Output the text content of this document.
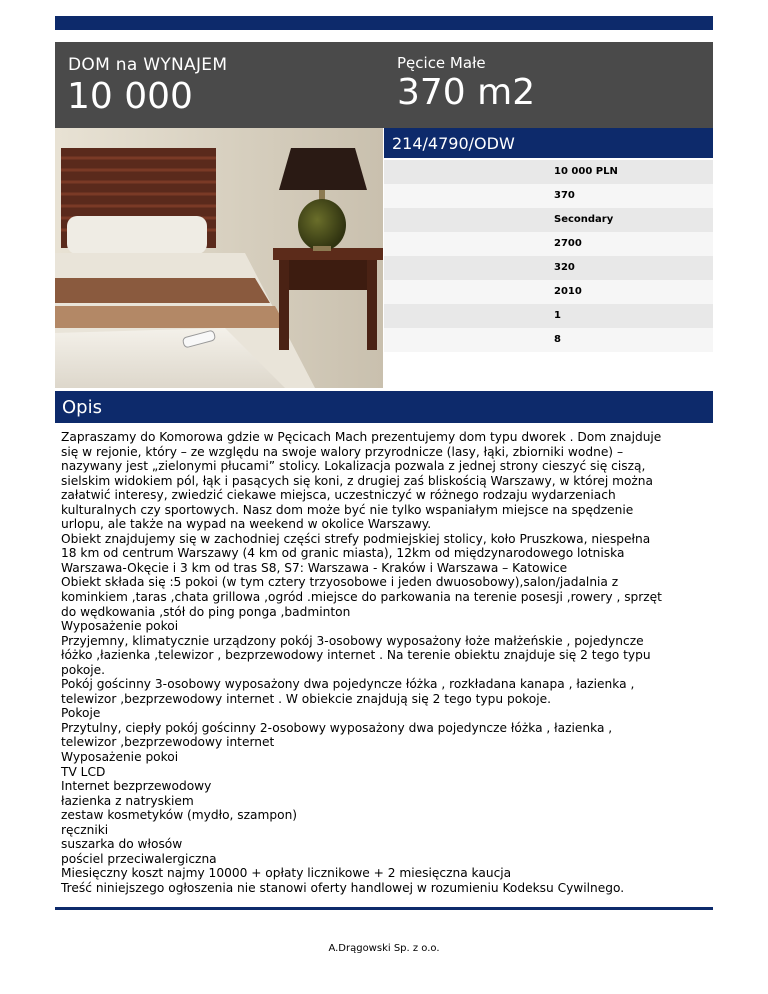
DOM na WYNAJEM
10 000
Pęcice Małe
370 m2
214/4790/ODW
10 000 PLN
370
Secondary
2700
320
2010
1
8
Opis

Zapraszamy do Komorowa gdzie w Pęcicach Mach prezentujemy dom typu dworek . Dom znajduje

się w rejonie, który – ze względu na swoje walory przyrodnicze (lasy, łąki, zbiorniki wodne) –

nazywany jest „zielonymi płucami” stolicy. Lokalizacja pozwala z jednej strony cieszyć się ciszą,

sielskim widokiem pól, łąk i pasących się koni, z drugiej zaś bliskością Warszawy, w której można

załatwić interesy, zwiedzić ciekawe miejsca, uczestniczyć w różnego rodzaju wydarzeniach

kulturalnych czy sportowych. Nasz dom może być nie tylko wspaniałym miejsce na spędzenie

urlopu, ale także na wypad na weekend w okolice Warszawy.

Obiekt znajdujemy się w zachodniej części strefy podmiejskiej stolicy, koło Pruszkowa, niespełna

18 km od centrum Warszawy (4 km od granic miasta), 12km od międzynarodowego lotniska

Warszawa-Okęcie i 3 km od tras S8, S7: Warszawa - Kraków i Warszawa – Katowice

Obiekt składa się :5 pokoi (w tym cztery trzyosobowe i jeden dwuosobowy),salon/jadalnia z

kominkiem ,taras ,chata grillowa ,ogród .miejsce do parkowania na terenie posesji ,rowery , sprzęt

do wędkowania ,stół do ping ponga ,badminton

Wyposażenie pokoi

Przyjemny, klimatycznie urządzony pokój 3-osobowy wyposażony łoże małżeńskie , pojedyncze

łóżko ,łazienka ,telewizor , bezprzewodowy internet . Na terenie obiektu znajduje się 2 tego typu

pokoje.

Pokój gościnny 3-osobowy wyposażony dwa pojedyncze łóżka , rozkładana kanapa , łazienka ,

telewizor ,bezprzewodowy internet . W obiekcie znajdują się 2 tego typu pokoje.

Pokoje

Przytulny, ciepły pokój gościnny 2-osobowy wyposażony dwa pojedyncze łóżka , łazienka ,

telewizor ,bezprzewodowy internet

Wyposażenie pokoi

TV LCD

Internet bezprzewodowy

łazienka z natryskiem

zestaw kosmetyków (mydło, szampon)

ręczniki

suszarka do włosów

pościel przeciwalergiczna

Miesięczny koszt najmy 10000 + opłaty licznikowe + 2 miesięczna kaucja

Treść niniejszego ogłoszenia nie stanowi oferty handlowej w rozumieniu Kodeksu Cywilnego.

A.Drągowski Sp. z o.o.
